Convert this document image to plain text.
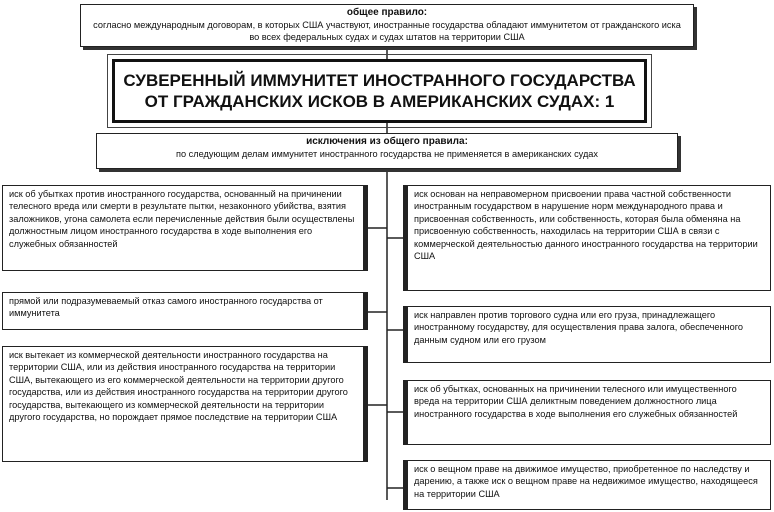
общее правило:
согласно международным договорам, в которых США участвуют, иностранные государства обладают иммунитетом от гражданского иска во всех федеральных судах и судах штатов на территории США
СУВЕРЕННЫЙ ИММУНИТЕТ ИНОСТРАННОГО ГОСУДАРСТВА
ОТ ГРАЖДАНСКИХ ИСКОВ В АМЕРИКАНСКИХ СУДАХ: 1
исключения из общего правила:
по следующим делам иммунитет иностранного государства не применяется в американских судах
иск об убытках против иностранного государства, основанный на причинении телесного вреда или смерти в результате пытки, незаконного убийства, взятия заложников, угона самолета если перечисленные действия были осуществлены должностным лицом иностранного государства в ходе выполнения его служебных обязанностей
прямой или подразумеваемый отказ самого иностранного государства от иммунитета
иск вытекает из коммерческой деятельности иностранного государства на территории США, или из действия иностранного государства на территории США, вытекающего из его коммерческой деятельности на территории другого государства, или из действия иностранного государства на территории другого государства, вытекающего из коммерческой деятельности на территории другого государства, но порождает прямое последствие на территории США
иск основан на неправомерном присвоении права частной собственности иностранным государством в нарушение норм международного права и присвоенная собственность, или собственность, которая была обменяна на присвоенную собственность, находилась на территории США в связи с коммерческой деятельностью данного иностранного государства на территории США
иск направлен против торгового судна или его груза, принадлежащего иностранному государству, для осуществления права залога, обеспеченного данным судном или его грузом
иск об убытках, основанных на причинении телесного или имущественного вреда на территории США деликтным поведением должностного лица иностранного государства в ходе выполнения его служебных обязанностей
иск о вещном праве на движимое имущество, приобретенное по наследству и дарению, а также иск о вещном праве на недвижимое имущество, находящееся на территории США
